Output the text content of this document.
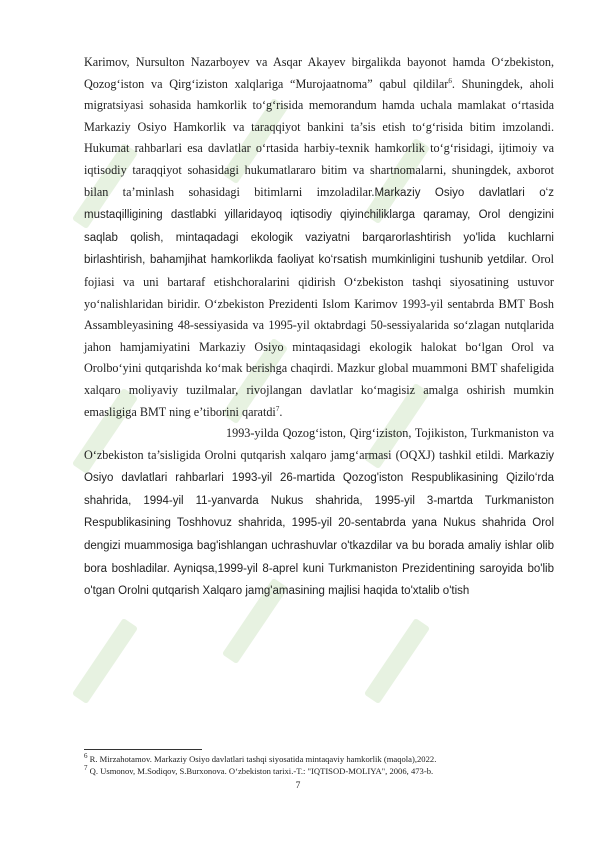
Karimov, Nursulton Nazarboyev va Asqar Akayev birgalikda bayonot hamda O‘zbekiston, Qozog‘iston va Qirg‘iziston xalqlariga “Murojaatnoma” qabul qildilar$^6$. Shuningdek, aholi migratsiyasi sohasida hamkorlik to‘g‘risida memorandum hamda uchala mamlakat o‘rtasida Markaziy Osiyo Hamkorlik va taraqqiyot bankini ta’sis etish to‘g‘risida bitim imzolandi. Hukumat rahbarlari esa davlatlar o‘rtasida harbiy-texnik hamkorlik to‘g‘risidagi, ijtimoiy va iqtisodiy taraqqiyot sohasidagi hukumatlararo bitim va shartnomalarni, shuningdek, axborot bilan ta’minlash sohasidagi bitimlarni imzoladilar.Markaziy Osiyo davlatlari o‘z mustaqilligining dastlabki yillaridayoq iqtisodiy qiyinchiliklarga qaramay, Orol dengizini saqlab qolish, mintaqadagi ekologik vaziyatni barqarorlashtirish yo'lida kuchlarni birlashtirish, bahamjihat hamkorlikda faoliyat ko‘rsatish mumkinligini tushunib yetdilar. Orol fojiasi va uni bartaraf etishchoralarini qidirish O‘zbekiston tashqi siyosatining ustuvor yo‘nalishlaridan biridir. O‘zbekiston Prezidenti Islom Karimov 1993-yil sentabrda BMT Bosh Assambleyasining 48-sessiyasida va 1995-yil oktabrdagi 50-sessiyalarida so‘zlagan nutqlarida jahon hamjamiyatini Markaziy Osiyo mintaqasidagi ekologik halokat bo‘lgan Orol va Orolbo‘yini qutqarishda ko‘mak berishga chaqirdi. Mazkur global muammoni BMT shafeligida xalqaro moliyaviy tuzilmalar, rivojlangan davlatlar ko‘magisiz amalga oshirish mumkin emasligiga BMT ning e’tiborini qaratdi$^7$.

1993-yilda Qozog‘iston, Qirg‘iziston, Tojikiston, Turkmaniston va O‘zbekiston ta’sisligida Orolni qutqarish xalqaro jamg‘armasi (OQXJ) tashkil etildi. Markaziy Osiyo davlatlari rahbarlari 1993-yil 26-martida Qozog'iston Respublikasining Qizilo‘rda shahrida, 1994-yil 11-yanvarda Nukus shahrida, 1995-yil 3-martda Turkmaniston Respublikasining Toshhovuz shahrida, 1995-yil 20-sentabrda yana Nukus shahrida Orol dengizi muammosiga bag'ishlangan uchrashuvlar o'tkazdilar va bu borada amaliy ishlar olib bora boshladilar. Ayniqsa,1999-yil 8-aprel kuni Turkmaniston Prezidentining saroyida bo'lib o'tgan Orolni qutqarish Xalqaro jamg'amasining majlisi haqida to'xtalib o'tish

$^6$ R. Mirzahotamov. Markaziy Osiyo davlatlari tashqi siyosatida mintaqaviy hamkorlik (maqola),2022.

$^7$ Q. Usmonov, M.Sodiqov, S.Burxonova. O‘zbekiston tarixi.-T.: "IQTISOD-MOLIYA", 2006, 473-b.

7
